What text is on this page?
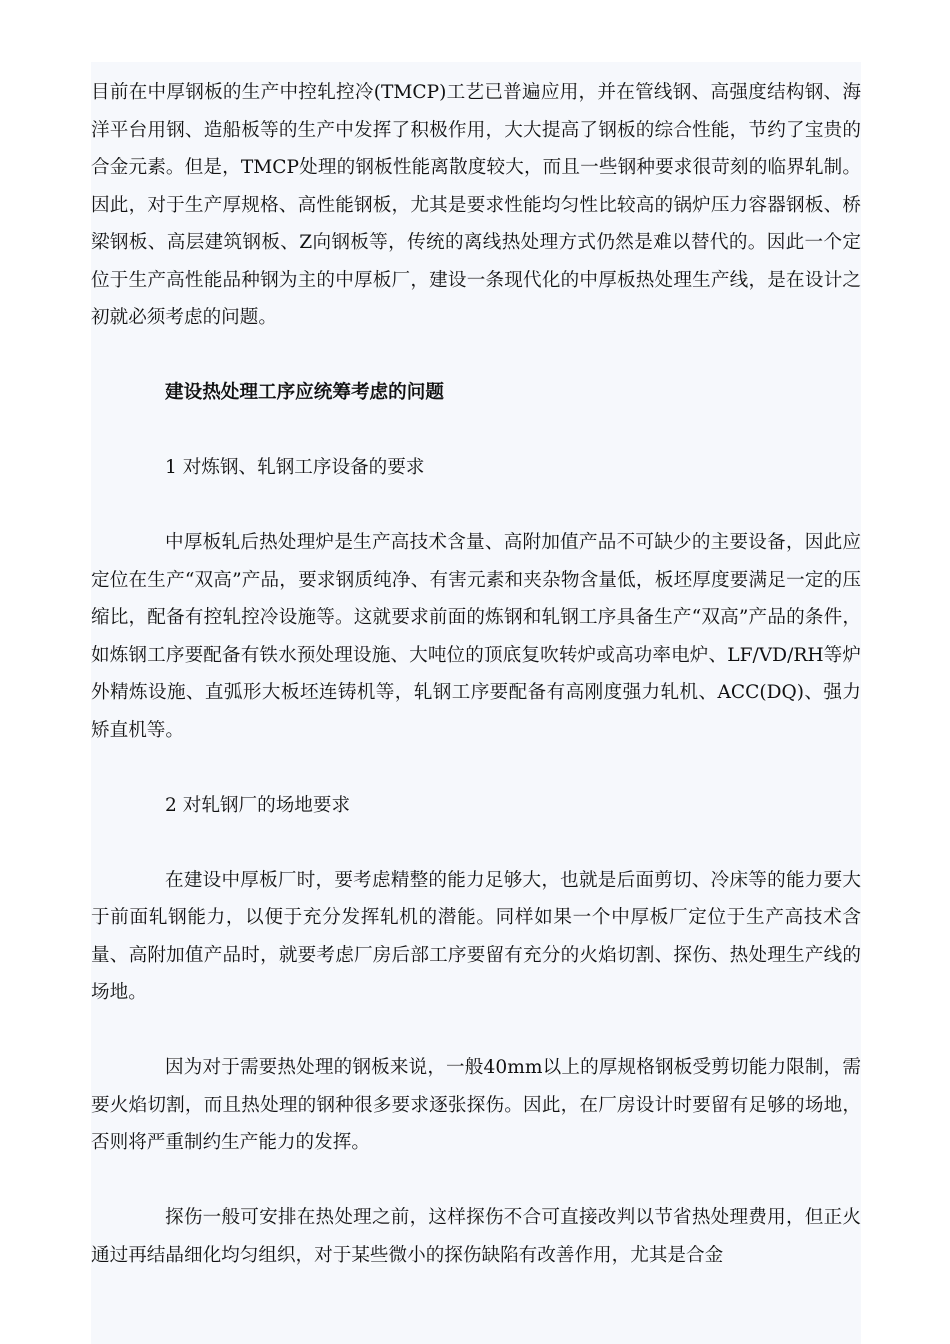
目前在中厚钢板的生产中控轧控冷(TMCP)工艺已普遍应用，并在管线钢、高强度结构钢、海洋平台用钢、造船板等的生产中发挥了积极作用，大大提高了钢板的综合性能，节约了宝贵的合金元素。但是，TMCP处理的钢板性能离散度较大，而且一些钢种要求很苛刻的临界轧制。因此，对于生产厚规格、高性能钢板，尤其是要求性能均匀性比较高的锅炉压力容器钢板、桥梁钢板、高层建筑钢板、Z向钢板等，传统的离线热处理方式仍然是难以替代的。因此一个定位于生产高性能品种钢为主的中厚板厂，建设一条现代化的中厚板热处理生产线，是在设计之初就必须考虑的问题。

建设热处理工序应统筹考虑的问题

1 对炼钢、轧钢工序设备的要求

中厚板轧后热处理炉是生产高技术含量、高附加值产品不可缺少的主要设备，因此应定位在生产“双高”产品，要求钢质纯净、有害元素和夹杂物含量低，板坯厚度要满足一定的压缩比，配备有控轧控冷设施等。这就要求前面的炼钢和轧钢工序具备生产“双高”产品的条件，如炼钢工序要配备有铁水预处理设施、大吨位的顶底复吹转炉或高功率电炉、LF/VD/RH等炉外精炼设施、直弧形大板坯连铸机等，轧钢工序要配备有高刚度强力轧机、ACC(DQ)、强力矫直机等。

2 对轧钢厂的场地要求

在建设中厚板厂时，要考虑精整的能力足够大，也就是后面剪切、冷床等的能力要大于前面轧钢能力，以便于充分发挥轧机的潜能。同样如果一个中厚板厂定位于生产高技术含量、高附加值产品时，就要考虑厂房后部工序要留有充分的火焰切割、探伤、热处理生产线的场地。

因为对于需要热处理的钢板来说，一般40mm以上的厚规格钢板受剪切能力限制，需要火焰切割，而且热处理的钢种很多要求逐张探伤。因此，在厂房设计时要留有足够的场地，否则将严重制约生产能力的发挥。

探伤一般可安排在热处理之前，这样探伤不合可直接改判以节省热处理费用，但正火通过再结晶细化均匀组织，对于某些微小的探伤缺陷有改善作用，尤其是合金
